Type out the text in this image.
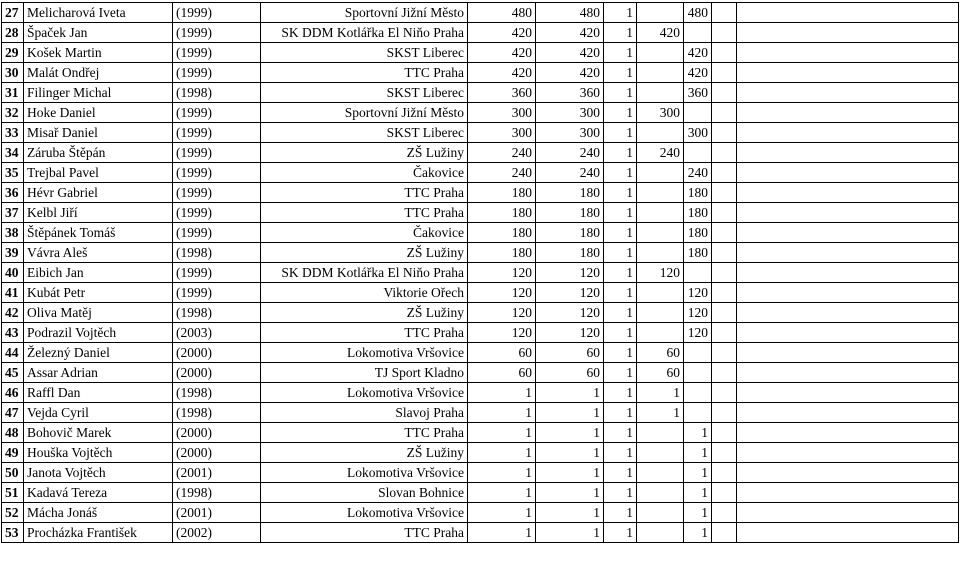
27	Melicharová Iveta	(1999)	Sportovní Jižní Město	480	480	1		480		
28	Špaček Jan	(1999)	SK DDM Kotlářka El Niňo Praha	420	420	1	420			
29	Košek Martin	(1999)	SKST Liberec	420	420	1		420		
30	Malát Ondřej	(1999)	TTC Praha	420	420	1		420		
31	Filinger Michal	(1998)	SKST Liberec	360	360	1		360		
32	Hoke Daniel	(1999)	Sportovní Jižní Město	300	300	1	300			
33	Misař Daniel	(1999)	SKST Liberec	300	300	1		300		
34	Záruba Štěpán	(1999)	ZŠ Lužiny	240	240	1	240			
35	Trejbal Pavel	(1999)	Čakovice	240	240	1		240		
36	Hévr Gabriel	(1999)	TTC Praha	180	180	1		180		
37	Kelbl Jiří	(1999)	TTC Praha	180	180	1		180		
38	Štěpánek Tomáš	(1999)	Čakovice	180	180	1		180		
39	Vávra Aleš	(1998)	ZŠ Lužiny	180	180	1		180		
40	Eibich Jan	(1999)	SK DDM Kotlářka El Niňo Praha	120	120	1	120			
41	Kubát Petr	(1999)	Viktorie Ořech	120	120	1		120		
42	Oliva Matěj	(1998)	ZŠ Lužiny	120	120	1		120		
43	Podrazil Vojtěch	(2003)	TTC Praha	120	120	1		120		
44	Železný Daniel	(2000)	Lokomotiva Vršovice	60	60	1	60			
45	Assar Adrian	(2000)	TJ Sport Kladno	60	60	1	60			
46	Raffl Dan	(1998)	Lokomotiva Vršovice	1	1	1	1			
47	Vejda Cyril	(1998)	Slavoj Praha	1	1	1	1			
48	Bohovič Marek	(2000)	TTC Praha	1	1	1		1		
49	Houška Vojtěch	(2000)	ZŠ Lužiny	1	1	1		1		
50	Janota Vojtěch	(2001)	Lokomotiva Vršovice	1	1	1		1		
51	Kadavá Tereza	(1998)	Slovan Bohnice	1	1	1		1		
52	Mácha Jonáš	(2001)	Lokomotiva Vršovice	1	1	1		1		
53	Procházka František	(2002)	TTC Praha	1	1	1		1		
